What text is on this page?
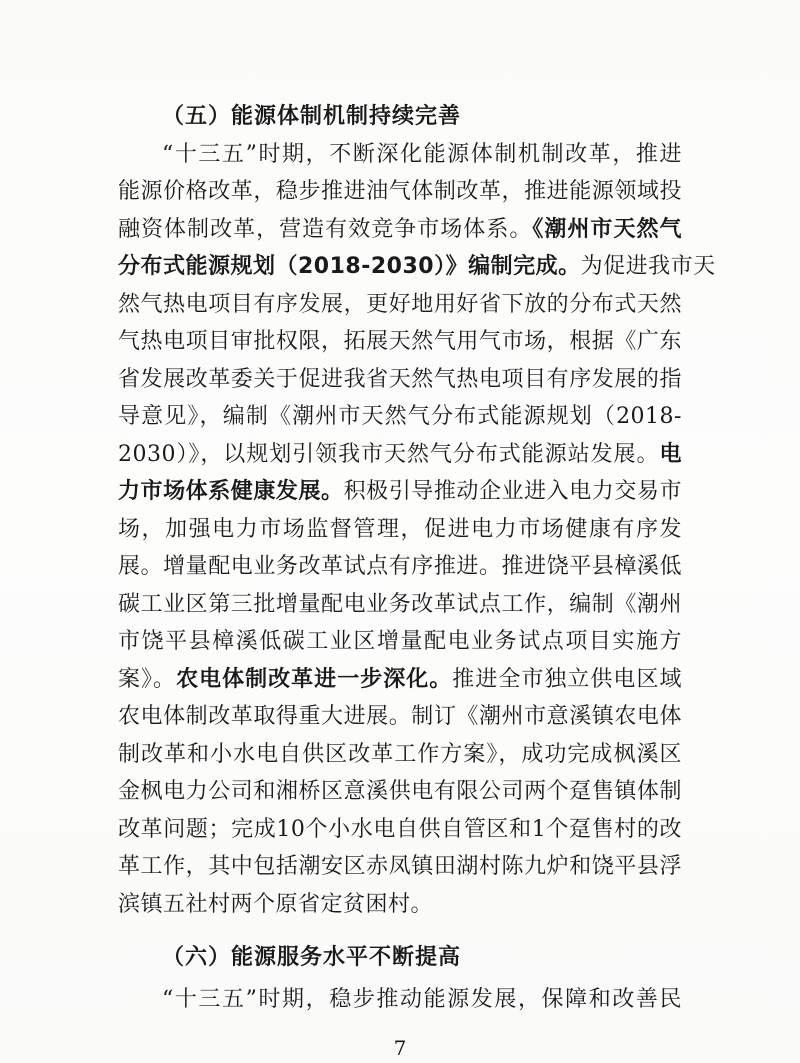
（五）能源体制机制持续完善
“十三五”时期，不断深化能源体制机制改革，推进
能源价格改革，稳步推进油气体制改革，推进能源领域投
融资体制改革，营造有效竞争市场体系。《潮州市天然气
分布式能源规划（2018-2030）》编制完成。为促进我市天
然气热电项目有序发展，更好地用好省下放的分布式天然
气热电项目审批权限，拓展天然气用气市场，根据《广东
省发展改革委关于促进我省天然气热电项目有序发展的指
导意见》，编制《潮州市天然气分布式能源规划（2018-
2030）》，以规划引领我市天然气分布式能源站发展。电
力市场体系健康发展。积极引导推动企业进入电力交易市
场，加强电力市场监督管理，促进电力市场健康有序发
展。增量配电业务改革试点有序推进。推进饶平县樟溪低
碳工业区第三批增量配电业务改革试点工作，编制《潮州
市饶平县樟溪低碳工业区增量配电业务试点项目实施方
案》。农电体制改革进一步深化。推进全市独立供电区域
农电体制改革取得重大进展。制订《潮州市意溪镇农电体
制改革和小水电自供区改革工作方案》，成功完成枫溪区
金枫电力公司和湘桥区意溪供电有限公司两个趸售镇体制
改革问题；完成10个小水电自供自管区和1个趸售村的改
革工作，其中包括潮安区赤凤镇田湖村陈九炉和饶平县浮
滨镇五社村两个原省定贫困村。
（六）能源服务水平不断提高
“十三五”时期，稳步推动能源发展，保障和改善民
7
